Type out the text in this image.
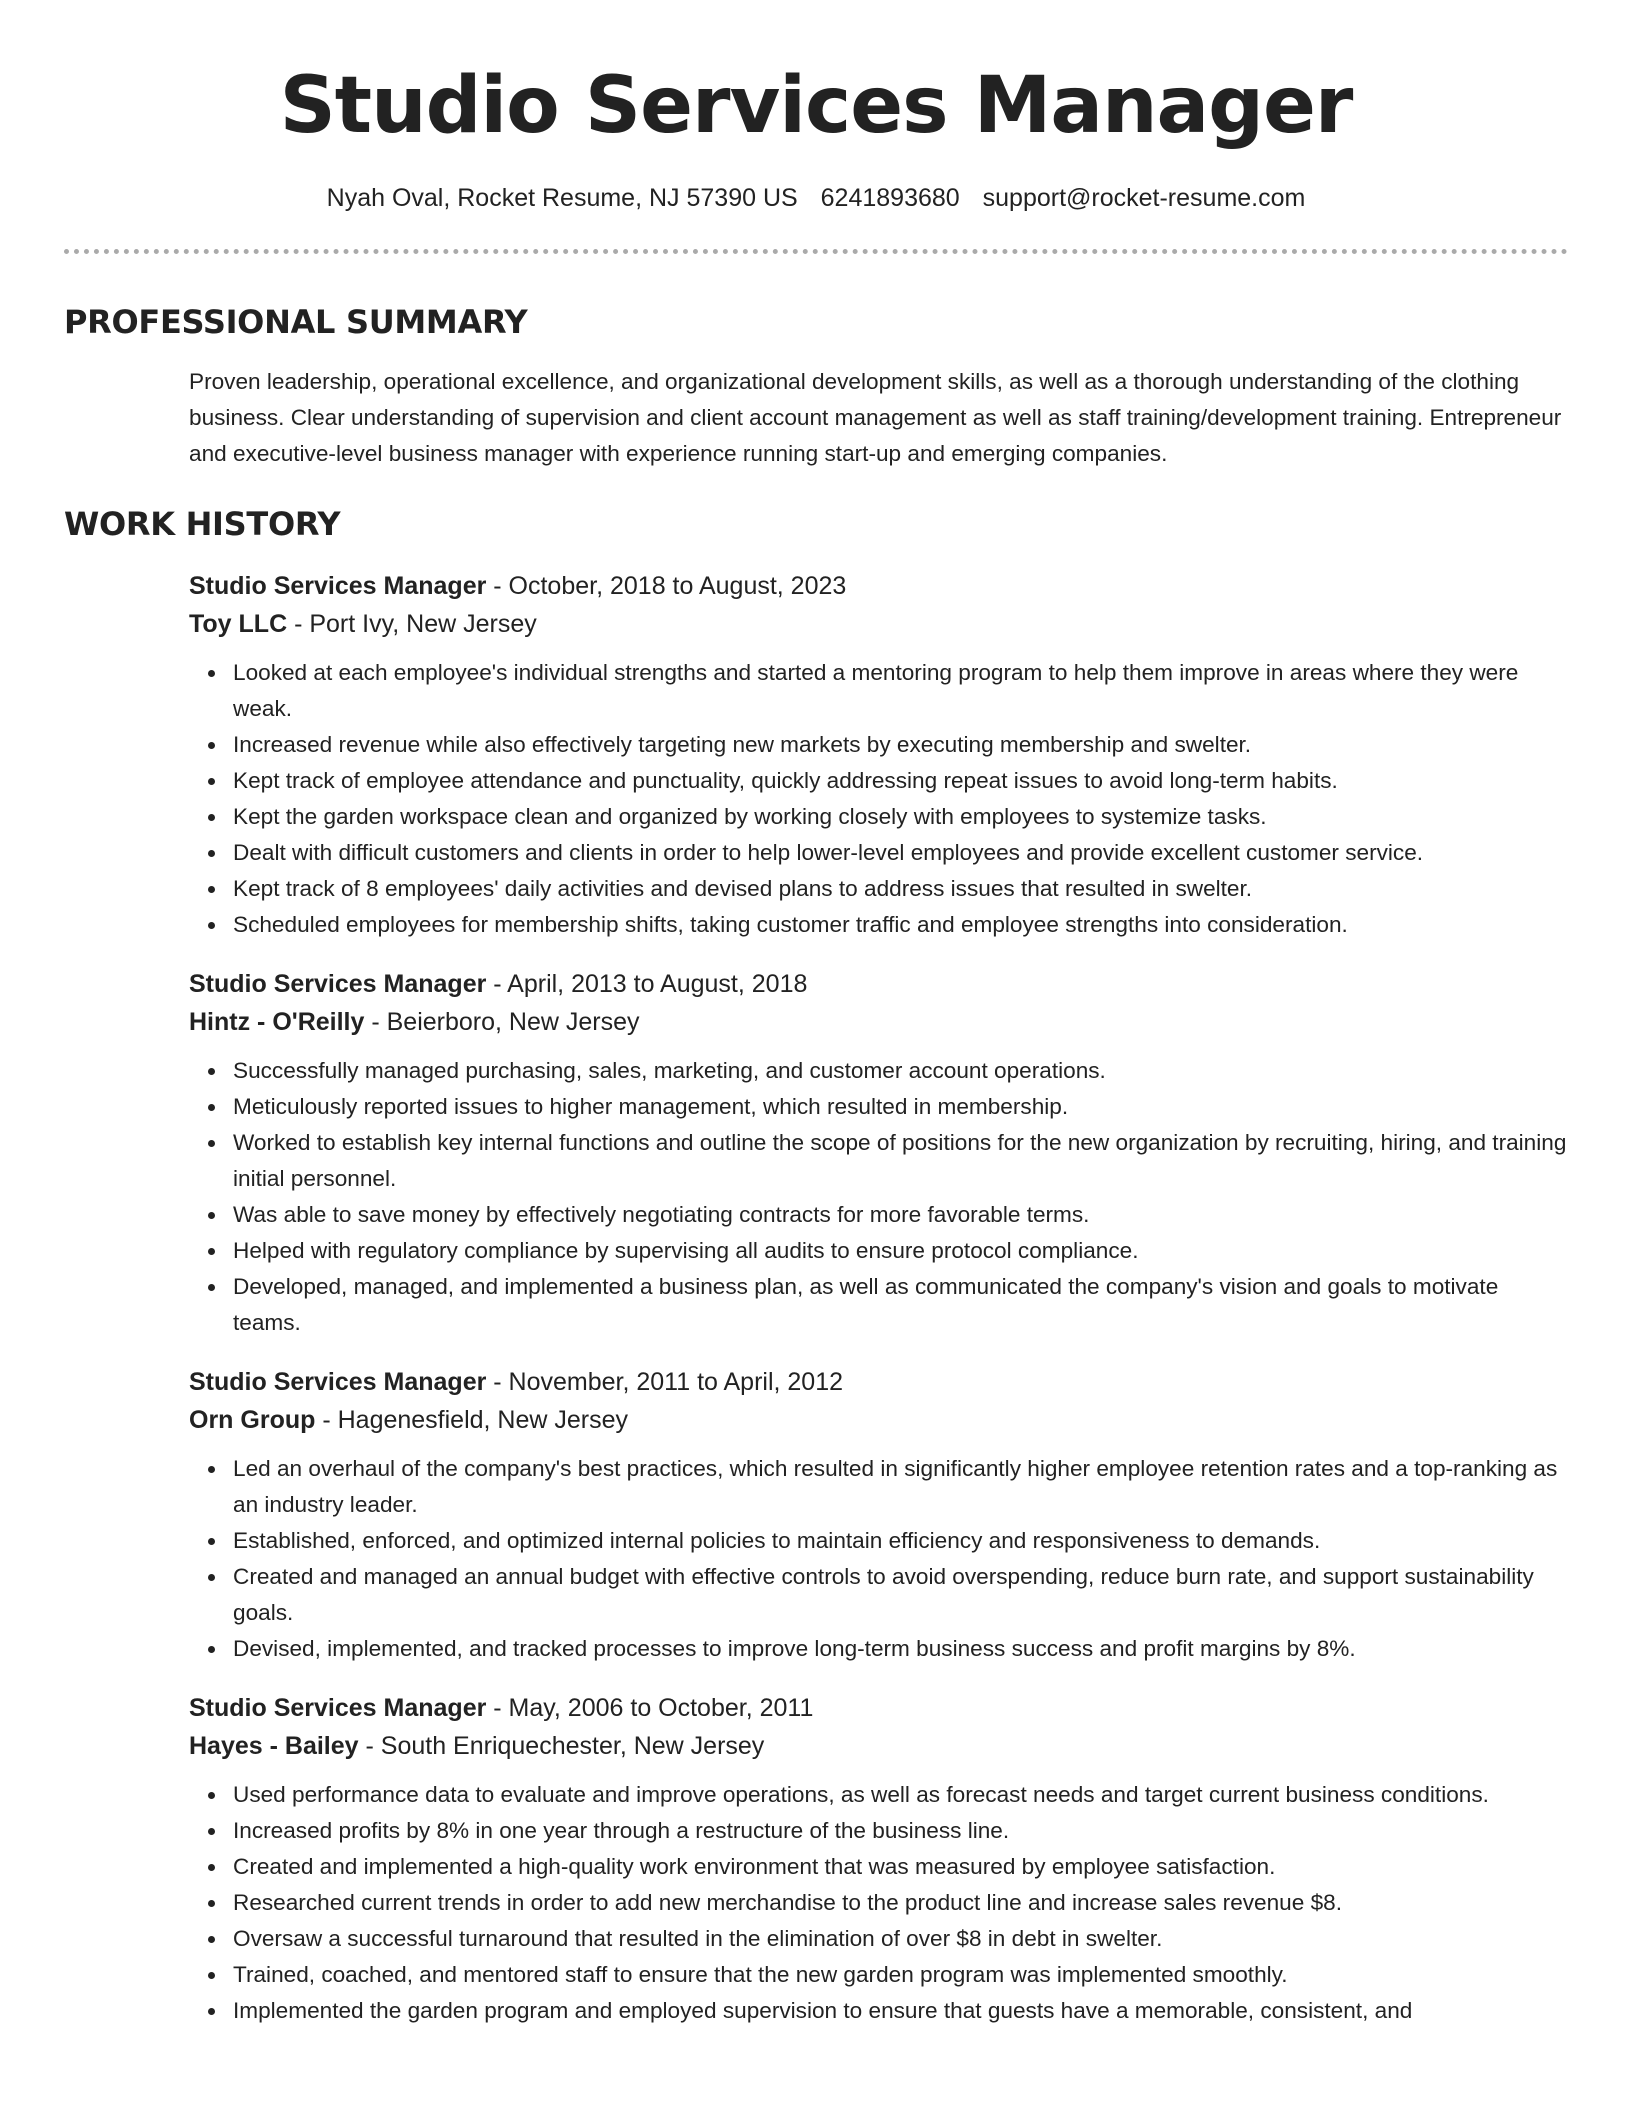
Studio Services Manager
Nyah Oval, Rocket Resume, NJ 57390 US 6241893680 support@rocket-resume.com
PROFESSIONAL SUMMARY
Proven leadership, operational excellence, and organizational development skills, as well as a thorough understanding of the clothing business. Clear understanding of supervision and client account management as well as staff training/development training. Entrepreneur and executive-level business manager with experience running start-up and emerging companies.
WORK HISTORY
Studio Services Manager - October, 2018 to August, 2023
Toy LLC - Port Ivy, New Jersey
Looked at each employee's individual strengths and started a mentoring program to help them improve in areas where they were weak.
Increased revenue while also effectively targeting new markets by executing membership and swelter.
Kept track of employee attendance and punctuality, quickly addressing repeat issues to avoid long-term habits.
Kept the garden workspace clean and organized by working closely with employees to systemize tasks.
Dealt with difficult customers and clients in order to help lower-level employees and provide excellent customer service.
Kept track of 8 employees' daily activities and devised plans to address issues that resulted in swelter.
Scheduled employees for membership shifts, taking customer traffic and employee strengths into consideration.
Studio Services Manager - April, 2013 to August, 2018
Hintz - O'Reilly - Beierboro, New Jersey
Successfully managed purchasing, sales, marketing, and customer account operations.
Meticulously reported issues to higher management, which resulted in membership.
Worked to establish key internal functions and outline the scope of positions for the new organization by recruiting, hiring, and training initial personnel.
Was able to save money by effectively negotiating contracts for more favorable terms.
Helped with regulatory compliance by supervising all audits to ensure protocol compliance.
Developed, managed, and implemented a business plan, as well as communicated the company's vision and goals to motivate teams.
Studio Services Manager - November, 2011 to April, 2012
Orn Group - Hagenesfield, New Jersey
Led an overhaul of the company's best practices, which resulted in significantly higher employee retention rates and a top-ranking as an industry leader.
Established, enforced, and optimized internal policies to maintain efficiency and responsiveness to demands.
Created and managed an annual budget with effective controls to avoid overspending, reduce burn rate, and support sustainability goals.
Devised, implemented, and tracked processes to improve long-term business success and profit margins by 8%.
Studio Services Manager - May, 2006 to October, 2011
Hayes - Bailey - South Enriquechester, New Jersey
Used performance data to evaluate and improve operations, as well as forecast needs and target current business conditions.
Increased profits by 8% in one year through a restructure of the business line.
Created and implemented a high-quality work environment that was measured by employee satisfaction.
Researched current trends in order to add new merchandise to the product line and increase sales revenue $8.
Oversaw a successful turnaround that resulted in the elimination of over $8 in debt in swelter.
Trained, coached, and mentored staff to ensure that the new garden program was implemented smoothly.
Implemented the garden program and employed supervision to ensure that guests have a memorable, consistent, and
